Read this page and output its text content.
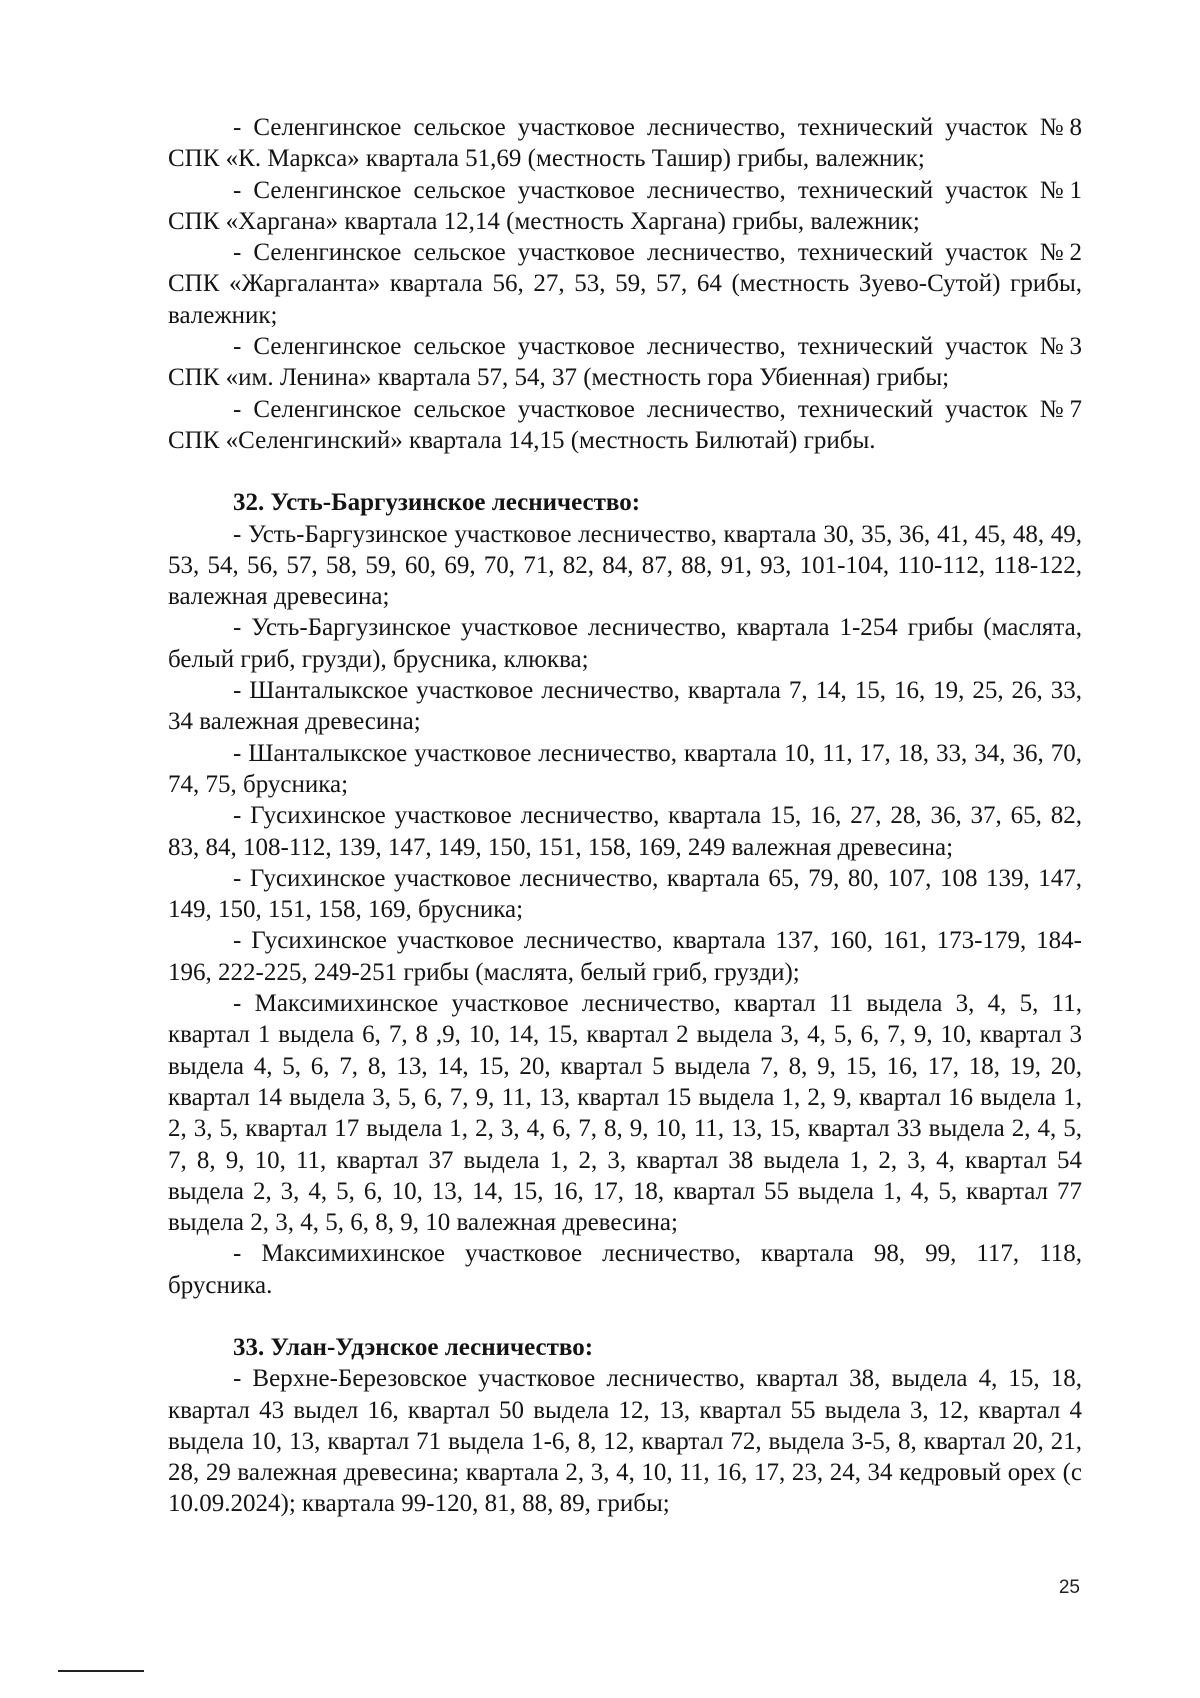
- Селенгинское сельское участковое лесничество, технический участок №8 СПК «К. Маркса» квартала 51,69 (местность Ташир) грибы, валежник;

- Селенгинское сельское участковое лесничество, технический участок №1 СПК «Харгана» квартала 12,14 (местность Харгана) грибы, валежник;

- Селенгинское сельское участковое лесничество, технический участок №2 СПК «Жаргаланта» квартала 56, 27, 53, 59, 57, 64 (местность Зуево-Сутой) грибы, валежник;

- Селенгинское сельское участковое лесничество, технический участок №3 СПК «им. Ленина» квартала 57, 54, 37 (местность гора Убиенная) грибы;

- Селенгинское сельское участковое лесничество, технический участок №7 СПК «Селенгинский» квартала 14,15 (местность Билютай) грибы.

32. Усть-Баргузинское лесничество:

- Усть-Баргузинское участковое лесничество, квартала 30, 35, 36, 41, 45, 48, 49, 53, 54, 56, 57, 58, 59, 60, 69, 70, 71, 82, 84, 87, 88, 91, 93, 101-104, 110-112, 118-122, валежная древесина;

- Усть-Баргузинское участковое лесничество, квартала 1-254 грибы (маслята, белый гриб, грузди), брусника, клюква;

- Шанталыкское участковое лесничество, квартала 7, 14, 15, 16, 19, 25, 26, 33, 34 валежная древесина;

- Шанталыкское участковое лесничество, квартала 10, 11, 17, 18, 33, 34, 36, 70, 74, 75, брусника;

- Гусихинское участковое лесничество, квартала 15, 16, 27, 28, 36, 37, 65, 82, 83, 84, 108-112, 139, 147, 149, 150, 151, 158, 169, 249 валежная древесина;

- Гусихинское участковое лесничество, квартала 65, 79, 80, 107, 108 139, 147, 149, 150, 151, 158, 169, брусника;

- Гусихинское участковое лесничество, квартала 137, 160, 161, 173-179, 184-196, 222-225, 249-251 грибы (маслята, белый гриб, грузди);

- Максимихинское участковое лесничество, квартал 11 выдела 3, 4, 5, 11, квартал 1 выдела 6, 7, 8 ,9, 10, 14, 15, квартал 2 выдела 3, 4, 5, 6, 7, 9, 10, квартал 3 выдела 4, 5, 6, 7, 8, 13, 14, 15, 20, квартал 5 выдела 7, 8, 9, 15, 16, 17, 18, 19, 20, квартал 14 выдела 3, 5, 6, 7, 9, 11, 13, квартал 15 выдела 1, 2, 9, квартал 16 выдела 1, 2, 3, 5, квартал 17 выдела 1, 2, 3, 4, 6, 7, 8, 9, 10, 11, 13, 15, квартал 33 выдела 2, 4, 5, 7, 8, 9, 10, 11, квартал 37 выдела 1, 2, 3, квартал 38 выдела 1, 2, 3, 4, квартал 54 выдела 2, 3, 4, 5, 6, 10, 13, 14, 15, 16, 17, 18, квартал 55 выдела 1, 4, 5, квартал 77 выдела 2, 3, 4, 5, 6, 8, 9, 10 валежная древесина;

- Максимихинское участковое лесничество, квартала 98, 99, 117, 118, брусника.

33. Улан-Удэнское лесничество:

- Верхне-Березовское участковое лесничество, квартал 38, выдела 4, 15, 18, квартал 43 выдел 16, квартал 50 выдела 12, 13, квартал 55 выдела 3, 12, квартал 4 выдела 10, 13, квартал 71 выдела 1-6, 8, 12, квартал 72, выдела 3-5, 8, квартал 20, 21, 28, 29 валежная древесина; квартала 2, 3, 4, 10, 11, 16, 17, 23, 24, 34 кедровый орех (с 10.09.2024); квартала 99-120, 81, 88, 89, грибы;

25
